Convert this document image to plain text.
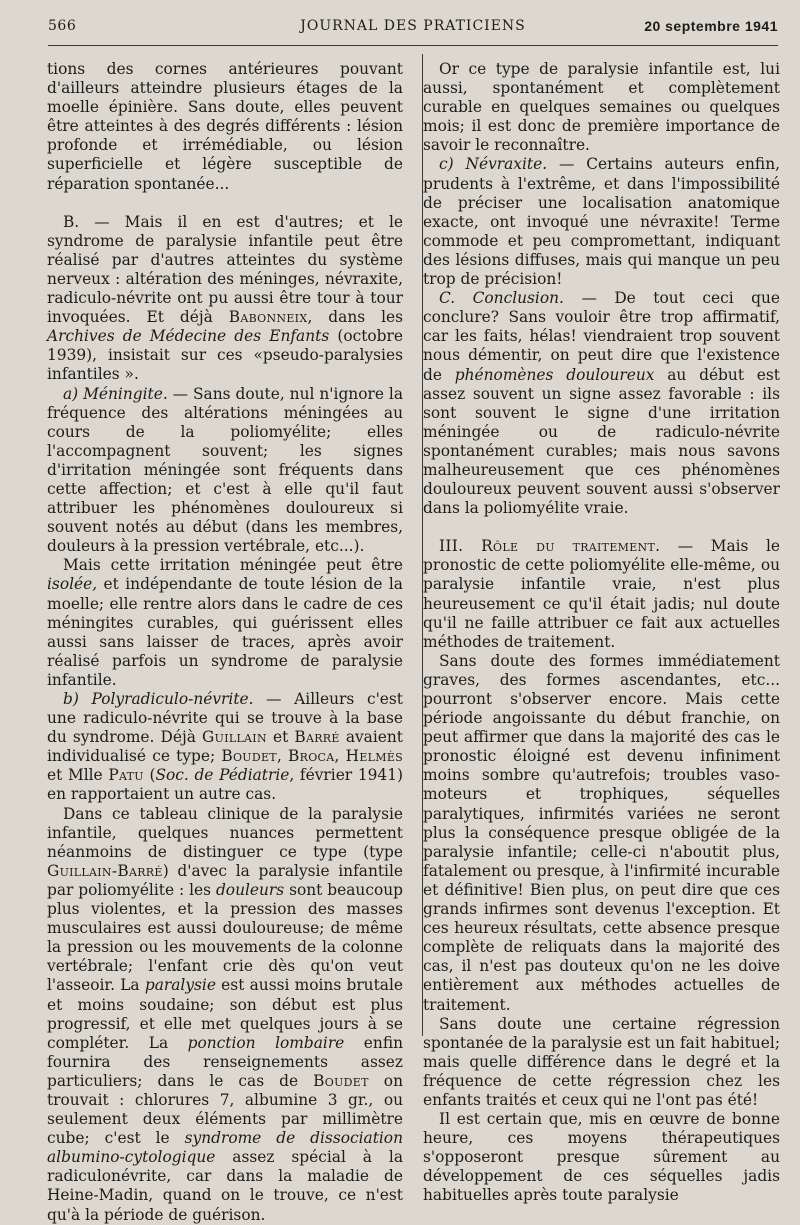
566	JOURNAL DES PRATICIENS	20 septembre 1941

tions des cornes antérieures pouvant d'ailleurs atteindre plusieurs étages de la moelle épinière. Sans doute, elles peuvent être atteintes à des degrés différents : lésion profonde et irrémédiable, ou lésion superficielle et légère susceptible de réparation spontanée...

B. — Mais il en est d'autres; et le syndrome de paralysie infantile peut être réalisé par d'autres atteintes du système nerveux : altération des méninges, névraxite, radiculo-névrite ont pu aussi être tour à tour invoquées. Et déjà Babonneix, dans les Archives de Médecine des Enfants (octobre 1939), insistait sur ces «pseudo-paralysies infantiles ».

a) Méningite. — Sans doute, nul n'ignore la fréquence des altérations méningées au cours de la poliomyélite; elles l'accompagnent souvent; les signes d'irritation méningée sont fréquents dans cette affection; et c'est à elle qu'il faut attribuer les phénomènes douloureux si souvent notés au début (dans les membres, douleurs à la pression vertébrale, etc...).

Mais cette irritation méningée peut être isolée, et indépendante de toute lésion de la moelle; elle rentre alors dans le cadre de ces méningites curables, qui guérissent elles aussi sans laisser de traces, après avoir réalisé parfois un syndrome de paralysie infantile.

b) Polyradiculo-névrite. — Ailleurs c'est une radiculo-névrite qui se trouve à la base du syndrome. Déjà Guillain et Barré avaient individualisé ce type; Boudet, Broca, Helmès et Mlle Patu (Soc. de Pédiatrie, février 1941) en rapportaient un autre cas.

Dans ce tableau clinique de la paralysie infantile, quelques nuances permettent néanmoins de distinguer ce type (type Guillain-Barré) d'avec la paralysie infantile par poliomyélite : les douleurs sont beaucoup plus violentes, et la pression des masses musculaires est aussi douloureuse; de même la pression ou les mouvements de la colonne vertébrale; l'enfant crie dès qu'on veut l'asseoir. La paralysie est aussi moins brutale et moins soudaine; son début est plus progressif, et elle met quelques jours à se compléter. La ponction lombaire enfin fournira des renseignements assez particuliers; dans le cas de Boudet on trouvait : chlorures 7, albumine 3 gr., ou seulement deux éléments par millimètre cube; c'est le syndrome de dissociation albumino-cytologique assez spécial à la radiculonévrite, car dans la maladie de Heine-Madin, quand on le trouve, ce n'est qu'à la période de guérison.

Or ce type de paralysie infantile est, lui aussi, spontanément et complètement curable en quelques semaines ou quelques mois; il est donc de première importance de savoir le reconnaître.

c) Névraxite. — Certains auteurs enfin, prudents à l'extrême, et dans l'impossibilité de préciser une localisation anatomique exacte, ont invoqué une névraxite! Terme commode et peu compromettant, indiquant des lésions diffuses, mais qui manque un peu trop de précision!

C. Conclusion. — De tout ceci que conclure? Sans vouloir être trop affirmatif, car les faits, hélas! viendraient trop souvent nous démentir, on peut dire que l'existence de phénomènes douloureux au début est assez souvent un signe assez favorable : ils sont souvent le signe d'une irritation méningée ou de radiculo-névrite spontanément curables; mais nous savons malheureusement que ces phénomènes douloureux peuvent souvent aussi s'observer dans la poliomyélite vraie.

III. Rôle du traitement. — Mais le pronostic de cette poliomyélite elle-même, ou paralysie infantile vraie, n'est plus heureusement ce qu'il était jadis; nul doute qu'il ne faille attribuer ce fait aux actuelles méthodes de traitement.

Sans doute des formes immédiatement graves, des formes ascendantes, etc... pourront s'observer encore. Mais cette période angoissante du début franchie, on peut affirmer que dans la majorité des cas le pronostic éloigné est devenu infiniment moins sombre qu'autrefois; troubles vaso-moteurs et trophiques, séquelles paralytiques, infirmités variées ne seront plus la conséquence presque obligée de la paralysie infantile; celle-ci n'aboutit plus, fatalement ou presque, à l'infirmité incurable et définitive! Bien plus, on peut dire que ces grands infirmes sont devenus l'exception. Et ces heureux résultats, cette absence presque complète de reliquats dans la majorité des cas, il n'est pas douteux qu'on ne les doive entièrement aux méthodes actuelles de traitement.

Sans doute une certaine régression spontanée de la paralysie est un fait habituel; mais quelle différence dans le degré et la fréquence de cette régression chez les enfants traités et ceux qui ne l'ont pas été!

Il est certain que, mis en œuvre de bonne heure, ces moyens thérapeutiques s'opposeront presque sûrement au développement de ces séquelles jadis habituelles après toute paralysie
